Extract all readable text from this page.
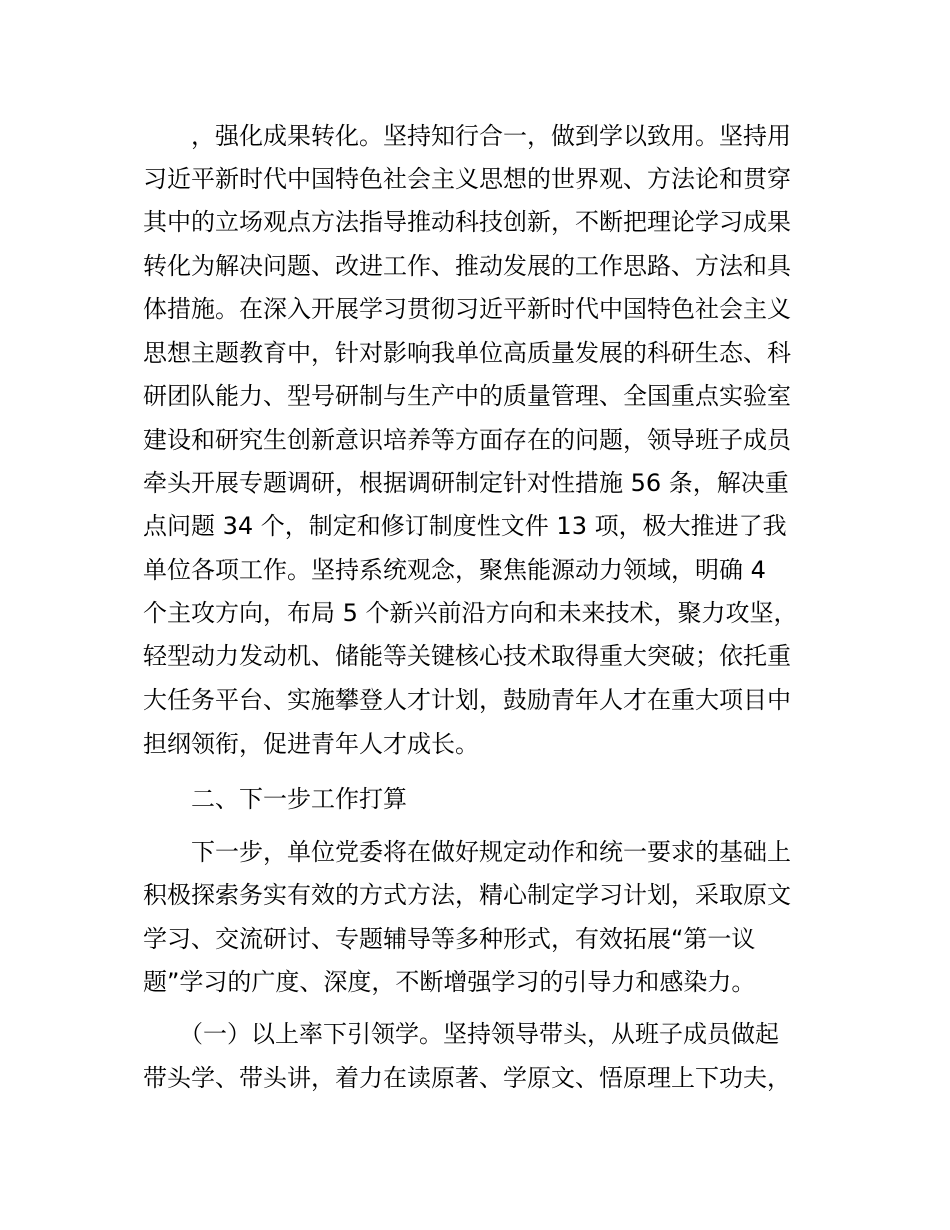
　　，强化成果转化。坚持知行合一，做到学以致用。坚持用
习近平新时代中国特色社会主义思想的世界观、方法论和贯穿
其中的立场观点方法指导推动科技创新，不断把理论学习成果
转化为解决问题、改进工作、推动发展的工作思路、方法和具
体措施。在深入开展学习贯彻习近平新时代中国特色社会主义
思想主题教育中，针对影响我单位高质量发展的科研生态、科
研团队能力、型号研制与生产中的质量管理、全国重点实验室
建设和研究生创新意识培养等方面存在的问题，领导班子成员
牵头开展专题调研，根据调研制定针对性措施 56 条，解决重
点问题 34 个，制定和修订制度性文件 13 项，极大推进了我
单位各项工作。坚持系统观念，聚焦能源动力领域，明确 4
个主攻方向，布局 5 个新兴前沿方向和未来技术，聚力攻坚，
轻型动力发动机、储能等关键核心技术取得重大突破；依托重
大任务平台、实施攀登人才计划，鼓励青年人才在重大项目中
担纲领衔，促进青年人才成长。
　　二、下一步工作打算
　　下一步，单位党委将在做好规定动作和统一要求的基础上
积极探索务实有效的方式方法，精心制定学习计划，采取原文
学习、交流研讨、专题辅导等多种形式，有效拓展“第一议
题”学习的广度、深度，不断增强学习的引导力和感染力。
　　（一）以上率下引领学。坚持领导带头，从班子成员做起
带头学、带头讲，着力在读原著、学原文、悟原理上下功夫，
